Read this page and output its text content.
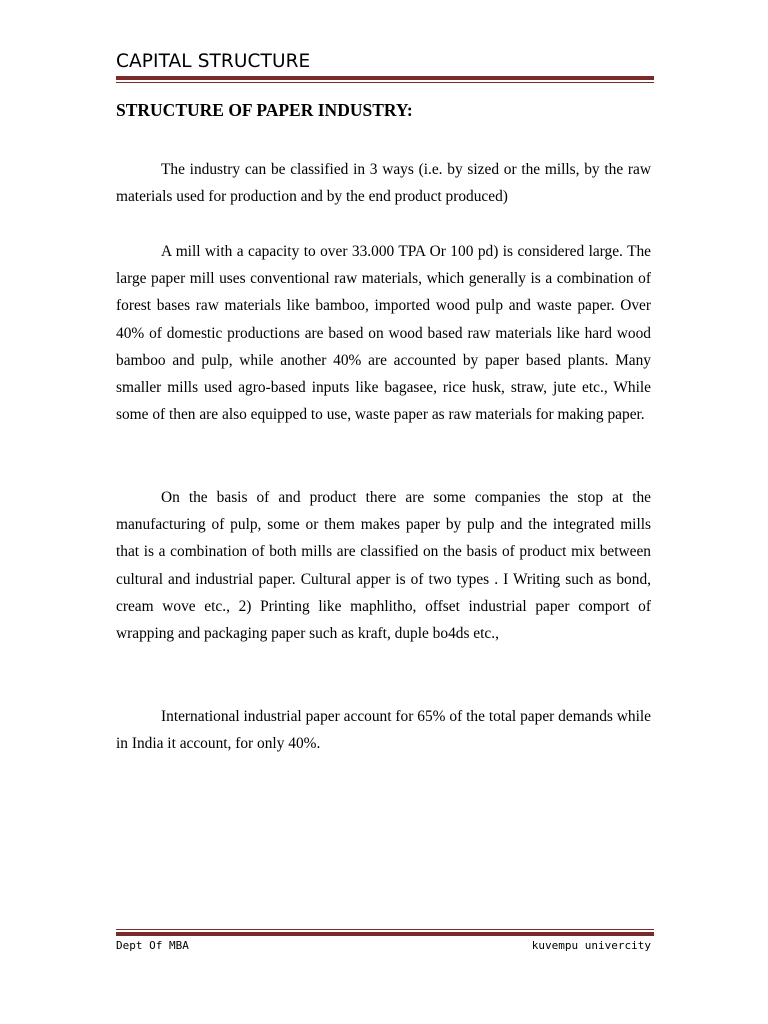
CAPITAL STRUCTURE
STRUCTURE OF PAPER INDUSTRY:

The industry can be classified in 3 ways (i.e. by sized or the mills, by the raw materials used for production and by the end product produced)

A mill with a capacity to over 33.000 TPA Or 100 pd) is considered large. The large paper mill uses conventional raw materials, which generally is a combination of forest bases raw materials like bamboo, imported wood pulp and waste paper. Over 40% of domestic productions are based on wood based raw materials like hard wood bamboo and pulp, while another 40% are accounted by paper based plants. Many smaller mills used agro-based inputs like bagasee, rice husk, straw, jute etc., While some of then are also equipped to use, waste paper as raw materials for making paper.

On the basis of and product there are some companies the stop at the manufacturing of pulp, some or them makes paper by pulp and the integrated mills that is a combination of both mills are classified on the basis of product mix between cultural and industrial paper. Cultural apper is of two types . I Writing such as bond, cream wove etc., 2) Printing like maphlitho, offset industrial paper comport of wrapping and packaging paper such as kraft, duple bo4ds etc.,

International industrial paper account for 65% of the total paper demands while in India it account, for only 40%.

Dept Of MBA	kuvempu univercity
